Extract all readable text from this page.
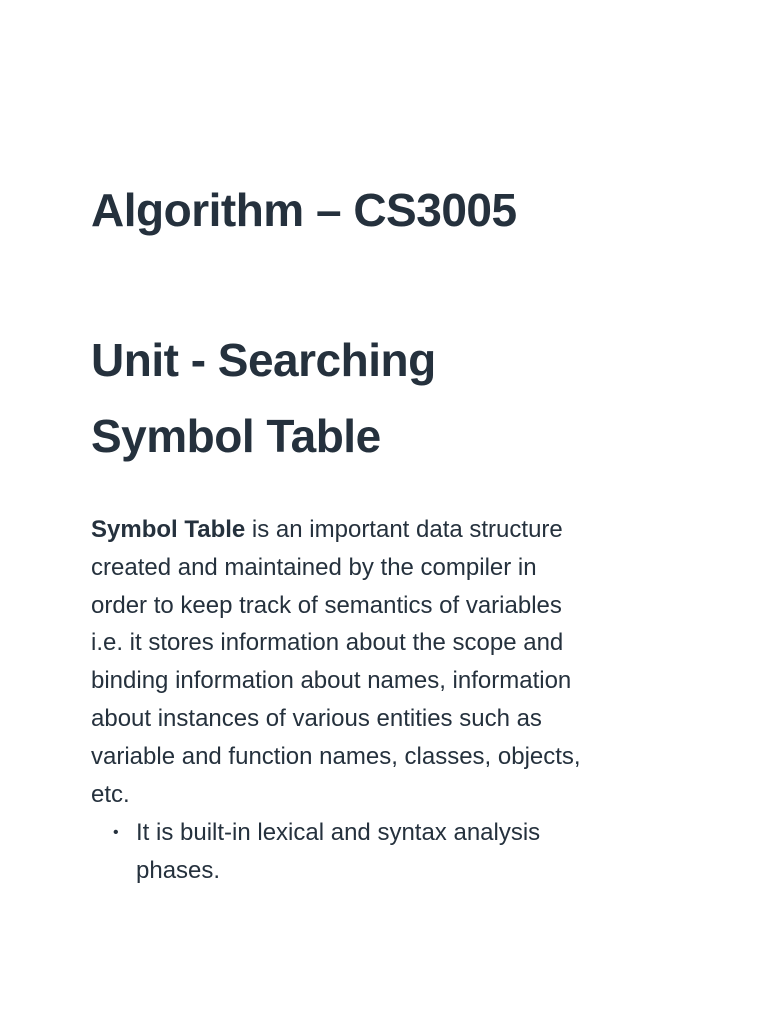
Algorithm – CS3005
Unit - Searching
Symbol Table

Symbol Table is an important data structure
created and maintained by the compiler in
order to keep track of semantics of variables
i.e. it stores information about the scope and
binding information about names, information
about instances of various entities such as
variable and function names, classes, objects,
etc.

• It is built-in lexical and syntax analysis
phases.
